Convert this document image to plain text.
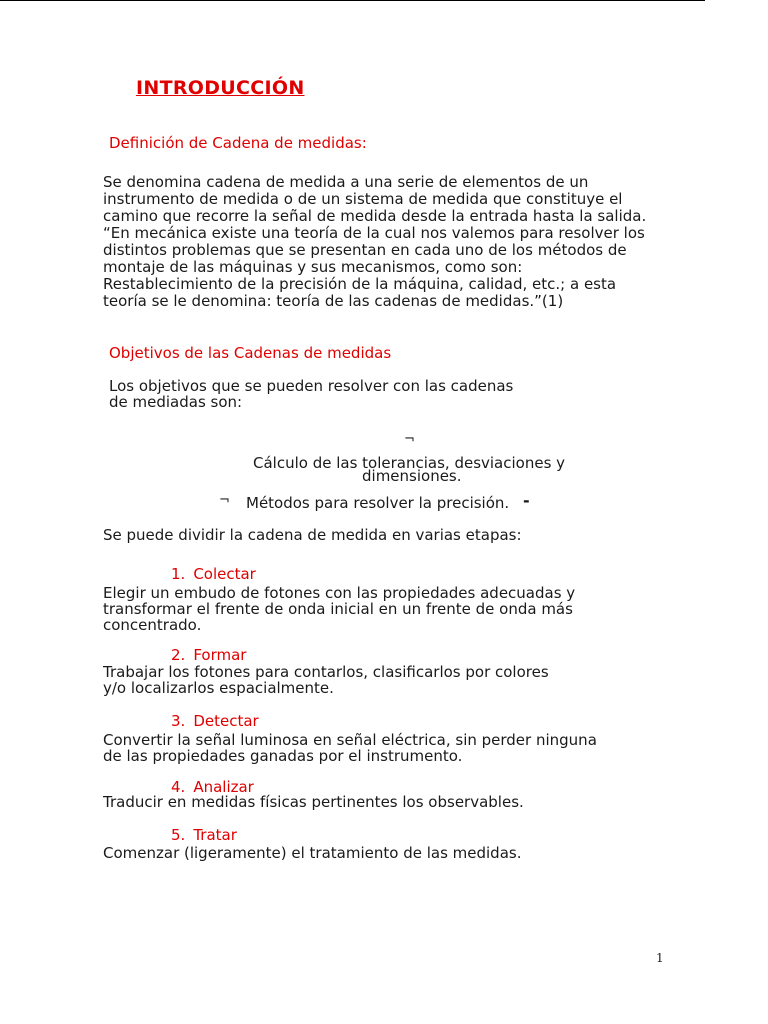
INTRODUCCIÓN
Definición de Cadena de medidas:
Se denomina cadena de medida a una serie de elementos de un
instrumento de medida o de un sistema de medida que constituye el
camino que recorre la señal de medida desde la entrada hasta la salida.
“En mecánica existe una teoría de la cual nos valemos para resolver los
distintos problemas que se presentan en cada uno de los métodos de
montaje de las máquinas y sus mecanismos, como son:
Restablecimiento de la precisión de la máquina, calidad, etc.; a esta
teoría se le denomina: teoría de las cadenas de medidas.”(1)
Objetivos de las Cadenas de medidas
Los objetivos que se pueden resolver con las cadenas
de mediadas son:
¬
Cálculo de las tolerancias, desviaciones y
dimensiones.
¬ Métodos para resolver la precisión. -
Se puede dividir la cadena de medida en varias etapas:
1. Colectar
Elegir un embudo de fotones con las propiedades adecuadas y
transformar el frente de onda inicial en un frente de onda más
concentrado.
2. Formar
Trabajar los fotones para contarlos, clasificarlos por colores
y/o localizarlos espacialmente.
3. Detectar
Convertir la señal luminosa en señal eléctrica, sin perder ninguna
de las propiedades ganadas por el instrumento.
4. Analizar
Traducir en medidas físicas pertinentes los observables.
5. Tratar
Comenzar (ligeramente) el tratamiento de las medidas.
1
